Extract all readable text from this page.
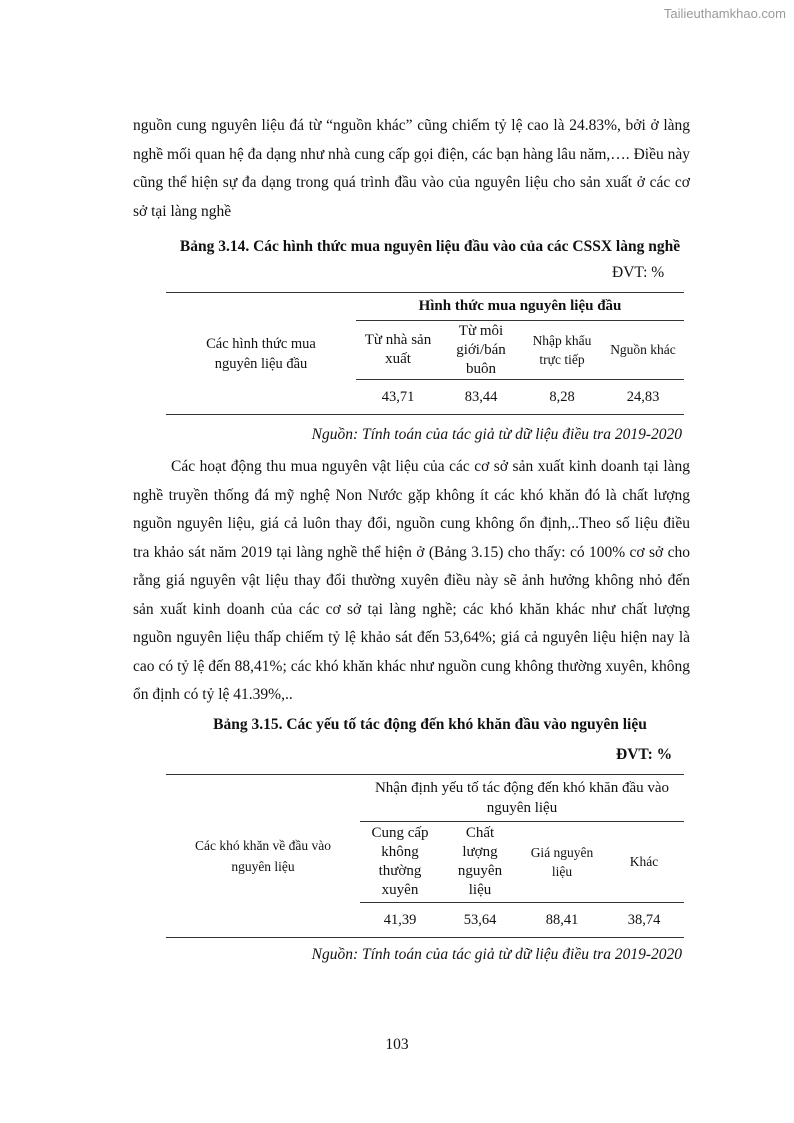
Tailieuthamkhao.com
nguồn cung nguyên liệu đá từ “nguồn khác” cũng chiếm tỷ lệ cao là 24.83%, bởi ở làng nghề mối quan hệ đa dạng như nhà cung cấp gọi điện, các bạn hàng lâu năm,…. Điều này cũng thể hiện sự đa dạng trong quá trình đầu vào của nguyên liệu cho sản xuất ở các cơ sở tại làng nghề
Bảng 3.14. Các hình thức mua nguyên liệu đầu vào của các CSSX làng nghề
ĐVT: %
Các hình thức mua nguyên liệu đầu	Hình thức mua nguyên liệu đầu			

	Từ nhà sản xuất	Từ môi giới/bán buôn	Nhập khẩu trực tiếp	Nguồn khác
	43,71	83,44	8,28	24,83
Nguồn: Tính toán của tác giả từ dữ liệu điều tra 2019-2020
Các hoạt động thu mua nguyên vật liệu của các cơ sở sản xuất kinh doanh tại làng nghề truyền thống đá mỹ nghệ Non Nước gặp không ít các khó khăn đó là chất lượng nguồn nguyên liệu, giá cả luôn thay đổi, nguồn cung không ổn định,..Theo số liệu điều tra khảo sát năm 2019 tại làng nghề thể hiện ở (Bảng 3.15) cho thấy: có 100% cơ sở cho rằng giá nguyên vật liệu thay đổi thường xuyên điều này sẽ ảnh hưởng không nhỏ đến sản xuất kinh doanh của các cơ sở tại làng nghề; các khó khăn khác như chất lượng nguồn nguyên liệu thấp chiếm tỷ lệ khảo sát đến 53,64%; giá cả nguyên liệu hiện nay là cao có tỷ lệ đến 88,41%; các khó khăn khác như nguồn cung không thường xuyên, không ổn định có tỷ lệ 41.39%,..
Bảng 3.15. Các yếu tố tác động đến khó khăn đầu vào nguyên liệu
ĐVT: %
Các khó khăn về đầu vào nguyên liệu	Nhận định yếu tố tác động đến khó khăn đầu vào nguyên liệu			

	Cung cấp không thường xuyên	Chất lượng nguyên liệu	Giá nguyên liệu	Khác
	41,39	53,64	88,41	38,74
Nguồn: Tính toán của tác giả từ dữ liệu điều tra 2019-2020
103
